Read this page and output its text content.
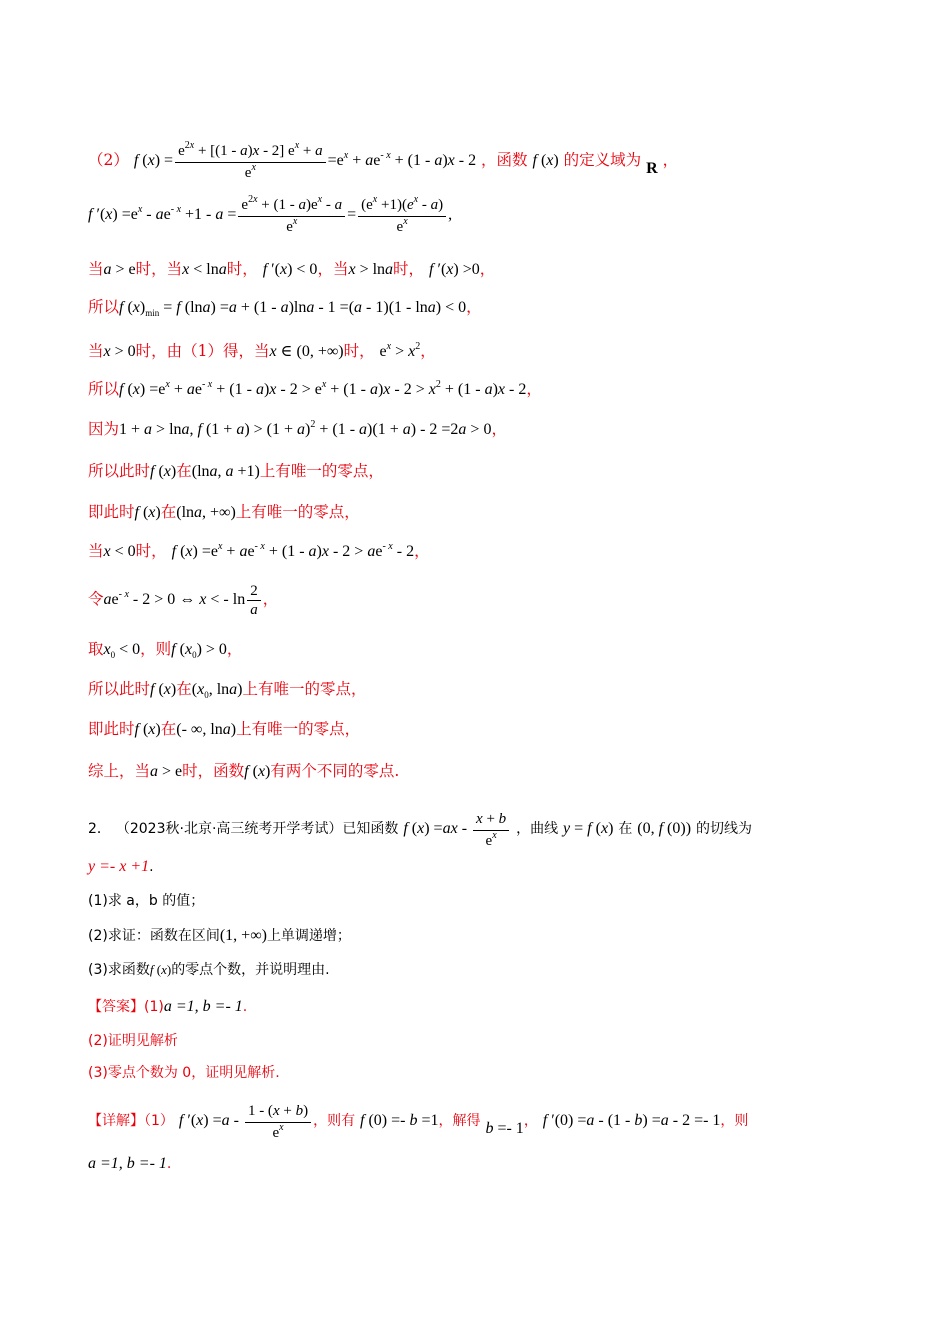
（2） f $(x) = \frac{e^{2x} + [(1 - a)x - 2] e^x + a}{e^x} =e^x + ae^{- x} + (1 - a)x - 2$ ，函数 f (x) 的定义域为 R ，
f $'(x) =e^x - ae^{- x} +1 - a = \frac{e^{2x} + (1 - a)e^x - a}{e^x} = \frac{(e^x +1)(e^x - a)}{e^x}$ ,
当a > e时，当x < lna时， f ′(x) < 0，当x > lna时， f ′(x) >0，
所以f $(x)_{min} = f$ (lna) =a + (1 - a)lna - 1 =(a - 1)(1 - lna) < 0，
当x > 0时，由（1）得，当x ∈ (0, +∞)时， $e^x > x^2$，
所以f $(x) =e^x + ae^{- x} + (1 - a)x - 2 > e^x + (1 - a)x - 2 > x^2 + (1 - a)x - 2$，
因为1 + a > lna, f $(1 + a) > (1 + a)^2 + (1 - a)(1 + a) - 2 =2a > 0$，
所以此时f (x)在(lna, a +1)上有唯一的零点，
即此时f (x)在(lna, +∞)上有唯一的零点，
当x < 0时， f $(x) =e^x + ae^{- x} + (1 - a)x - 2 > ae^{- x} - 2$，
令$ae^{- x} - 2 > 0$ ⇔ x < - $\ln \frac{2}{a}$ ，
取$x_0 < 0$，则f $(x_0) > 0$，
所以此时f (x)在($x_0$, lna)上有唯一的零点，
即此时f (x)在(- ∞, lna)上有唯一的零点，
综上，当a > e时，函数f (x)有两个不同的零点.
2． （2023秋·北京·高三统考开学考试）已知函数 f $(x) =ax - \frac{x + b}{e^x}$ ，曲线 y = f (x) 在 (0, f (0)) 的切线为
y =- x +1.
(1)求 a，b 的值；
(2)求证：函数在区间(1, +∞)上单调递增；
(3)求函数f (x)的零点个数，并说明理由.
【答案】(1)a =1, b =- 1.
(2)证明见解析
(3)零点个数为 0，证明见解析.
【详解】（1） f $'(x) =a - \frac{1 - (x + b)}{e^x}$ ，则有 f (0) =- b =1，解得 b =- 1， f ′(0) =a - (1 - b) =a - 2 =- 1，则
a =1, b =- 1.
